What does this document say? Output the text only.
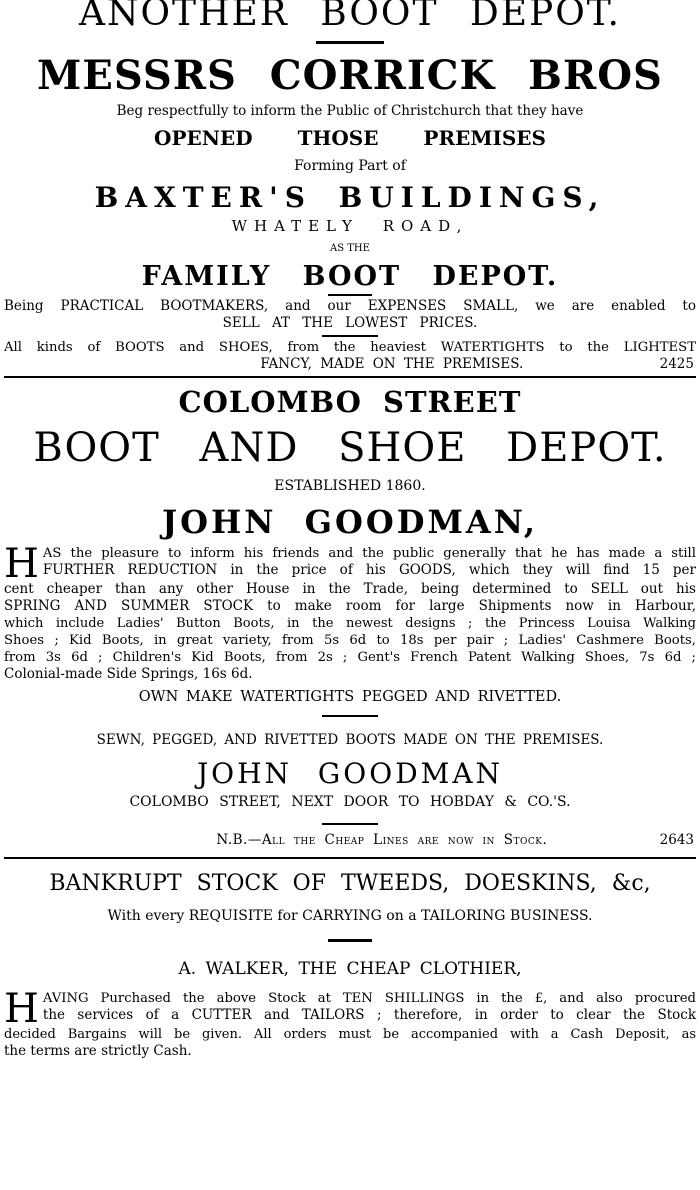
ANOTHER BOOT DEPOT.
MESSRS CORRICK BROS
Beg respectfully to inform the Public of Christchurch that they have
OPENED THOSE PREMISES
Forming Part of
BAXTER'S BUILDINGS,
WHATELY ROAD,
AS THE
FAMILY BOOT DEPOT.
Being PRACTICAL BOOTMAKERS, and our EXPENSES SMALL, we are enabled to
SELL AT THE LOWEST PRICES.
All kinds of BOOTS and SHOES, from the heaviest WATERTIGHTS to the LIGHTEST
FANCY, MADE ON THE PREMISES.	2425
COLOMBO STREET
BOOT AND SHOE DEPOT.
ESTABLISHED 1860.
JOHN GOODMAN,
H AS the pleasure to inform his friends and the public generally that he has made a still
FURTHER REDUCTION in the price of his GOODS, which they will find 15 per
cent cheaper than any other House in the Trade, being determined to SELL out his
SPRING AND SUMMER STOCK to make room for large Shipments now in Harbour,
which include Ladies' Button Boots, in the newest designs ; the Princess Louisa Walking
Shoes ; Kid Boots, in great variety, from 5s 6d to 18s per pair ; Ladies' Cashmere Boots,
from 3s 6d ; Children's Kid Boots, from 2s ; Gent's French Patent Walking Shoes, 7s 6d ;
Colonial-made Side Springs, 16s 6d.
OWN MAKE WATERTIGHTS PEGGED AND RIVETTED.
SEWN, PEGGED, AND RIVETTED BOOTS MADE ON THE PREMISES.
JOHN GOODMAN
COLOMBO STREET, NEXT DOOR TO HOBDAY & CO.'S.
N.B.—All the Cheap Lines are now in Stock.	2643
BANKRUPT STOCK OF TWEEDS, DOESKINS, &c,
With every REQUISITE for CARRYING on a TAILORING BUSINESS.
A. WALKER, THE CHEAP CLOTHIER,
H AVING Purchased the above Stock at TEN SHILLINGS in the £, and also procured
the services of a CUTTER and TAILORS ; therefore, in order to clear the Stock
decided Bargains will be given. All orders must be accompanied with a Cash Deposit, as
the terms are strictly Cash.
